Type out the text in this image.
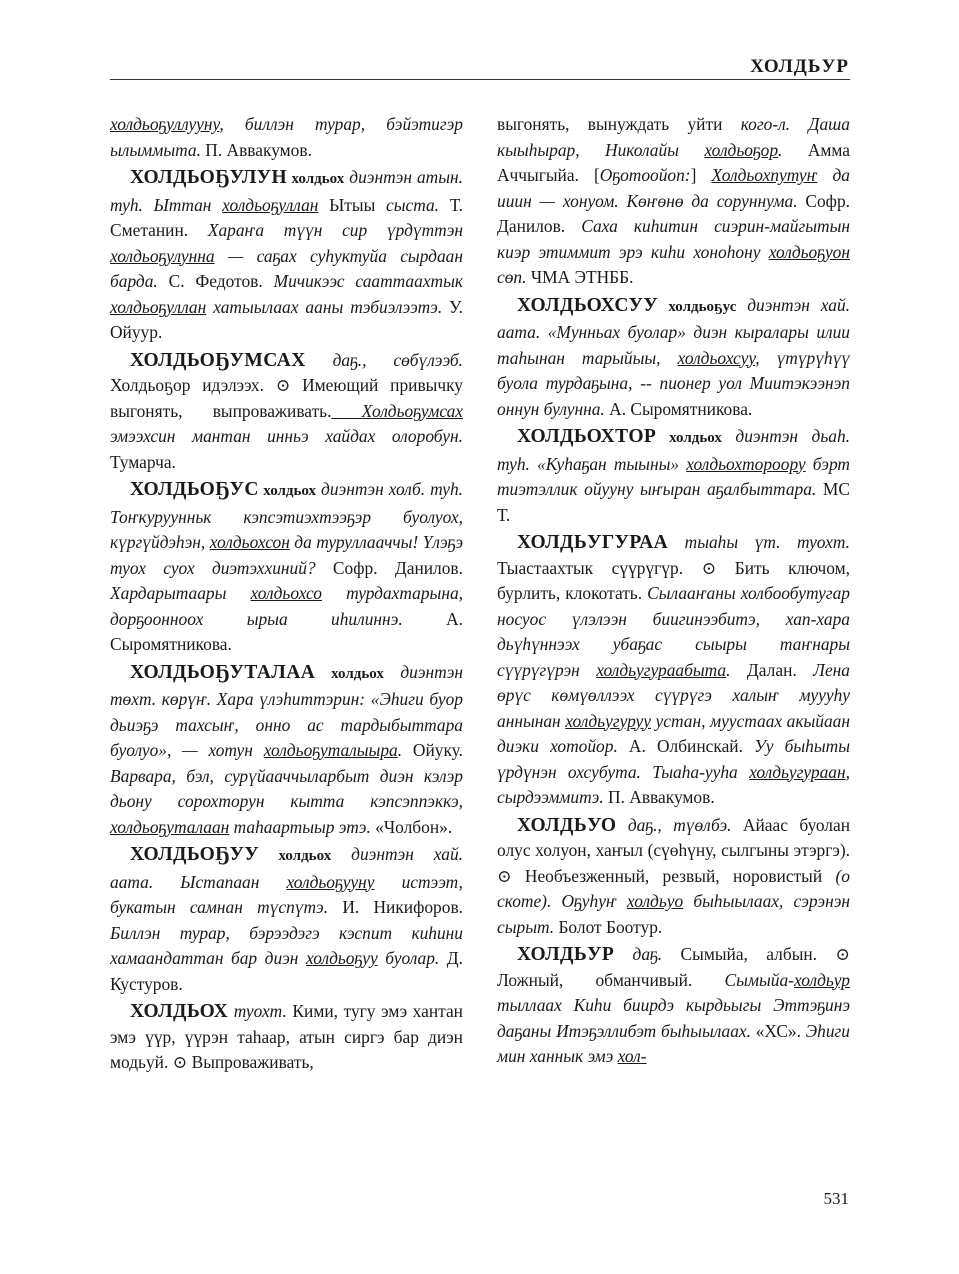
ХОЛДЬУР

холдьоҕуллууну, биллэн турар, бэйэтигэр ылыммыта. П. Аввакумов.

ХОЛДЬОҔУЛУН холдьох диэнтэн атын. туһ. Ыттан холдьоҕуллан Ытыы сыста. Т. Сметанин. Хараҥа түүн сир үрдүттэн холдьоҕулунна — саҕах суһуктуйа сырдаан барда. С. Федотов. Мичикээс сааттаахтык холдьоҕуллан хатыылаах ааны тэбиэлээтэ. У. Ойуур.

ХОЛДЬОҔУМСАХ даҕ., сөбүлээб. Холдьоҕор идэлээх. ⊙ Имеющий привычку выгонять, выпроваживать. Холдьоҕумсах эмээхсин мантан инньэ хайдах олоробун. Тумарча.

ХОЛДЬОҔУС холдьох диэнтэн холб. туһ. Тоҥкуруунньк кэпсэтиэхтээҕэр буолуох, күргүйдэһэн, холдьохсон да туруллааччы! Үлэҕэ туох суох диэтэххиний? Софр. Данилов. Хардарытаары холдьохсо турдахтарына, дорҕоонноох ырыа иһилиннэ. А. Сыромятникова.

ХОЛДЬОҔУТАЛАА холдьох диэнтэн төхт. көрүҥ. Хара үлэһиттэрин: «Эһиги буор дьиэҕэ тахсыҥ, онно ас тардыбыттара буолуо», — хотун холдьоҕуталыыра. Ойуку. Варвара, бэл, сурүйааччыларбыт диэн кэлэр дьону сорохторун кытта кэпсэппэккэ, холдьоҕуталаан таһаартыыр этэ. «Чолбон».

ХОЛДЬОҔУУ холдьох диэнтэн хай. аата. Ыстапаан холдьоҕууну истээт, букатын самнан түспүтэ. И. Никифоров. Биллэн турар, бэрээдэгэ кэспит киһини хамаандаттан бар диэн холдьоҕуу буолар. Д. Кустуров.

ХОЛДЬОХ туохт. Кими, тугу эмэ хантан эмэ үүр, үүрэн таһаар, атын сиргэ бар диэн модьуй. ⊙ Выпроваживать,

выгонять, вынуждать уйти кого-л. Даша кыыһырар, Николайы холдьоҕор. Амма Аччыгыйа. [Оҕотоойоп:] Холдьохпутуҥ да ииин — хонуом. Көҥөнө да соруннума. Софр. Данилов. Саха киһитин сиэрин-майгытын киэр этиммит эрэ киһи хоноһону холдьоҕуон сөп. ЧМА ЭТНББ.

ХОЛДЬОХСУУ холдьоҕус диэнтэн хай. аата. «Мунньах буолар» диэн кыралары илии таһынан тарыйыы, холдьохсуу, үтүрүһүү буола турдаҕына, -- пионер уол Миитэкээнэп оннун булунна. А. Сыромятникова.

ХОЛДЬОХТОР холдьох диэнтэн дьаһ. туһ. «Куһаҕан тыыны» холдьохтороору бэрт тиэтэллик ойууну ыҥыран аҕалбыттара. МС Т.

ХОЛДЬУГУРАА тыаһы үт. туохт. Тыастаахтык сүүрүгүр. ⊙ Бить ключом, бурлить, клокотать. Сылааҥаны холбообутугар носуос үлэлээн биигинээбитэ, хап-хара дьүһүннээх убаҕас сыыры таҥнары сүүрүгүрэн холдьугураабыта. Далан. Лена өрүс көмүөллээх сүүрүгэ халыҥ муууһу аннынан холдьугуруу устан, муустаах акыйаан диэки хотойор. А. Олбинскай. Уу быһыты үрдүнэн охсубута. Тыаһа-ууһа холдьугураан, сырдээммитэ. П. Аввакумов.

ХОЛДЬУО даҕ., түөлбэ. Айаас буолан олус холуон, хаҥыл (сүөһүну, сылгыны этэргэ). ⊙ Необъезженный, резвый, норовистый (о скоте). Оҕуһуҥ холдьуо быһыылаах, сэрэнэн сырыт. Болот Боотур.

ХОЛДЬУР даҕ. Сымыйа, албын. ⊙ Ложный, обманчивый. Сымыйа-холдьур тыллаах Киһи биирдэ кырдьыгы Эттэҕинэ даҕаны Итэҕэллибэт быһыылаах. «ХС». Эһиги мин ханнык эмэ хол-

531
